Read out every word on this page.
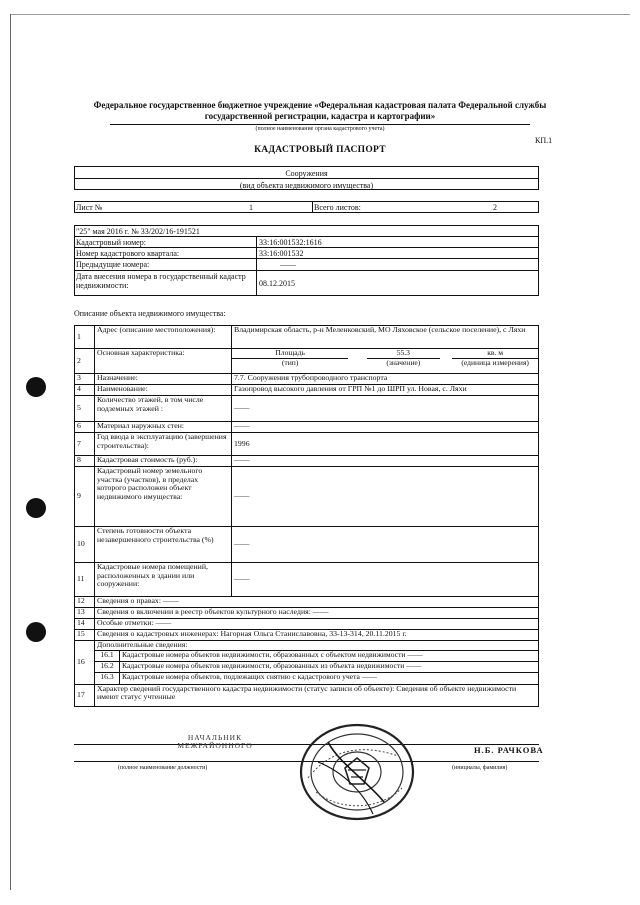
Федеральное государственное бюджетное учреждение «Федеральная кадастровая палата Федеральной службы государственной регистрации, кадастра и картографии»
(полное наименование органа кадастрового учета)
КП.1
КАДАСТРОВЫЙ ПАСПОРТ
Сооружения
(вид объекта недвижимого имущества)
Лист №	1	Всего листов:	2
"25" мая 2016 г. № 33/202/16-191521
Кадастровый номер:	33:16:001532:1616
Номер кадастрового квартала:	33:16:001532
Предыдущие номера:	——
Дата внесения номера в государственный кадастр недвижимости:	08.12.2015
Описание объекта недвижимого имущества:
1	Адрес (описание местоположения):	Владимирская область, р-н Меленковский, МО Ляховское (сельское поселение), с Ляхи
2	Основная характеристика:		Площадь		55.3		кв. м
(тип)		(значение)		(единица измерения)

3	Назначение:	7.7. Сооружения трубопроводного транспорта
4	Наименование:	Газопровод высокого давления от ГРП №1 до ШРП ул. Новая, с. Ляхи
5	Количество этажей, в том числе подземных этажей :	——
6	Материал наружных стен:	——
7	Год ввода в эксплуатацию (завершения строительства):	1996
8	Кадастровая стоимость (руб.):	——
9	Кадастровый номер земельного участка (участков), в пределах которого расположен объект недвижимого имущества:	——
10	Степень готовности объекта незавершенного строительства (%)	——
11	Кадастровые номера помещений, расположенных в здании или сооружении:	——
12	Сведения о правах: ——
13	Сведения о включении в реестр объектов культурного наследия: ——
14	Особые отметки: ——
15	Сведения о кадастровых инженерах: Нагорная Ольга Станиславовна, 33-13-314, 20.11.2015 г.
16	
Дополнительные сведения:
16.1	Кадастровые номера объектов недвижимости, образованных с объектом недвижимости ——
16.2	Кадастровые номера объектов недвижимости, образованных из объекта недвижимости ——
16.3	Кадастровые номера объектов, подлежащих снятию с кадастрового учета ——

17	Характер сведений государственного кадастра недвижимости (статус записи об объекте): Сведения об объекте недвижимости имеют статус учтенные
НАЧАЛЬНИК МЕЖРАЙОННОГО	Н.Б. РАЧКОВА
(полное наименование должности)	(инициалы, фамилия)
